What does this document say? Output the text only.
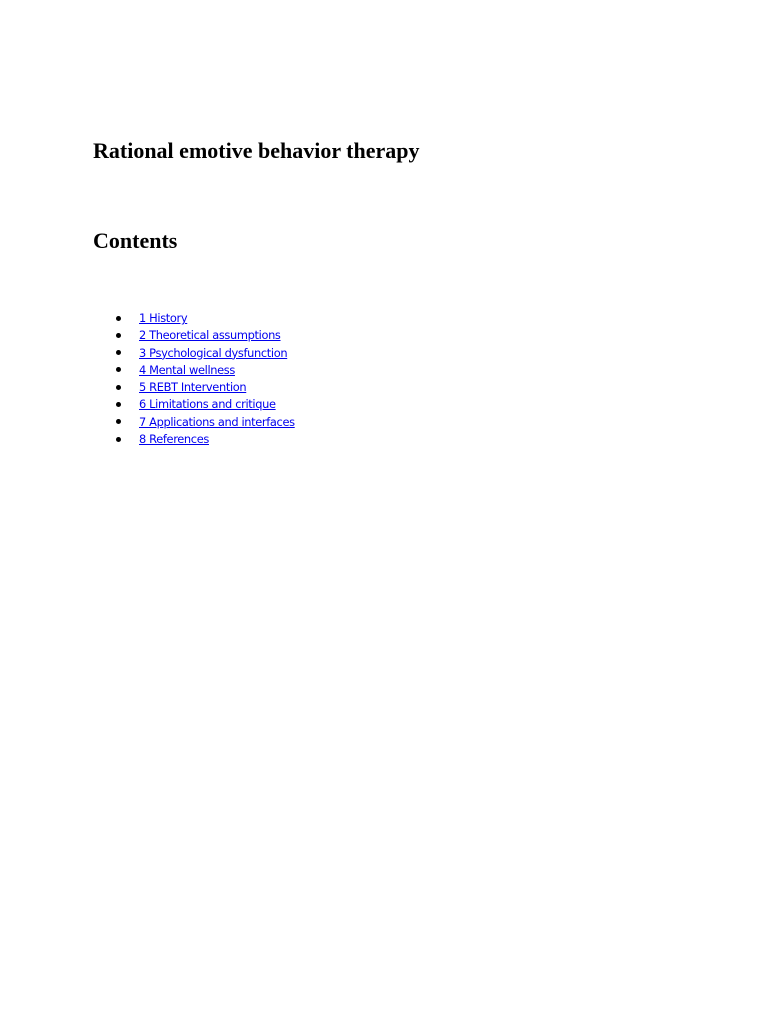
Rational emotive behavior therapy
Contents
1 History
2 Theoretical assumptions
3 Psychological dysfunction
4 Mental wellness
5 REBT Intervention
6 Limitations and critique
7 Applications and interfaces
8 References
